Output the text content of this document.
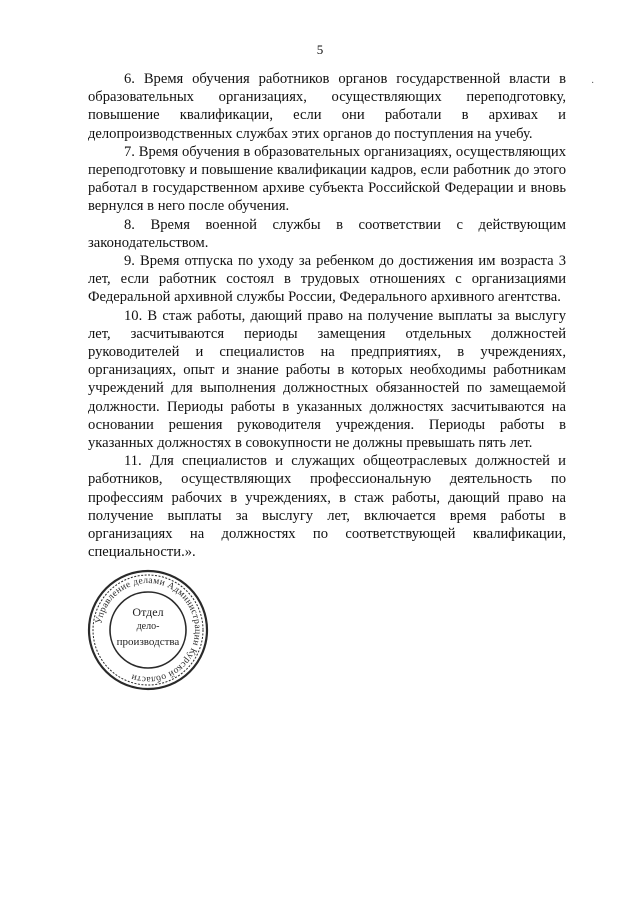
5
·

6. Время обучения работников органов государственной власти в образовательных организациях, осуществляющих переподготовку, повышение квалификации, если они работали в архивах и делопроизводственных службах этих органов до поступления на учебу.

7. Время обучения в образовательных организациях, осуществляющих переподготовку и повышение квалификации кадров, если работник до этого работал в государственном архиве субъекта Российской Федерации и вновь вернулся в него после обучения.

8. Время военной службы в соответствии с действующим законодательством.

9. Время отпуска по уходу за ребенком до достижения им возраста 3 лет, если работник состоял в трудовых отношениях с организациями Федеральной архивной службы России, Федерального архивного агентства.

10. В стаж работы, дающий право на получение выплаты за выслугу лет, засчитываются периоды замещения отдельных должностей руководителей и специалистов на предприятиях, в учреждениях, организациях, опыт и знание работы в которых необходимы работникам учреждений для выполнения должностных обязанностей по замещаемой должности. Периоды работы в указанных должностях засчитываются на основании решения руководителя учреждения. Периоды работы в указанных должностях в совокупности не должны превышать пять лет.

11. Для специалистов и служащих общеотраслевых должностей и работников, осуществляющих профессиональную деятельность по профессиям рабочих в учреждениях, в стаж работы, дающий право на получение выплаты за выслугу лет, включается время работы в организациях на должностях по соответствующей квалификации, специальности.».

Управление делами Администрации Курской области
Отдел
дело-
производства
